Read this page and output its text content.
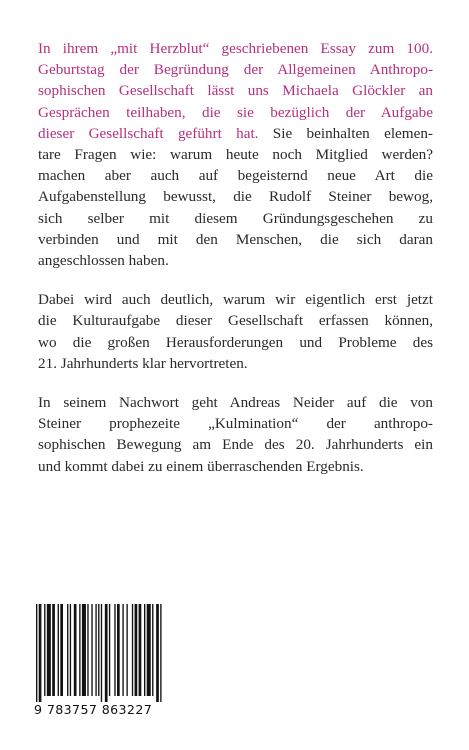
In ihrem „mit Herzblut“ geschriebenen Essay zum 100.
Geburtstag der Begründung der Allgemeinen Anthropo-
sophischen Gesellschaft lässt uns Michaela Glöckler an
Gesprächen teilhaben, die sie bezüglich der Aufgabe
dieser Gesellschaft geführt hat. Sie beinhalten elemen-
tare Fragen wie: warum heute noch Mitglied werden?
machen aber auch auf begeisternd neue Art die
Aufgabenstellung bewusst, die Rudolf Steiner bewog,
sich selber mit diesem Gründungsgeschehen zu
verbinden und mit den Menschen, die sich daran
angeschlossen haben.

Dabei wird auch deutlich, warum wir eigentlich erst jetzt
die Kulturaufgabe dieser Gesellschaft erfassen können,
wo die großen Herausforderungen und Probleme des
21. Jahrhunderts klar hervortreten.

In seinem Nachwort geht Andreas Neider auf die von
Steiner prophezeite „Kulmination“ der anthropo-
sophischen Bewegung am Ende des 20. Jahrhunderts ein
und kommt dabei zu einem überraschenden Ergebnis.

9 783757 863227
